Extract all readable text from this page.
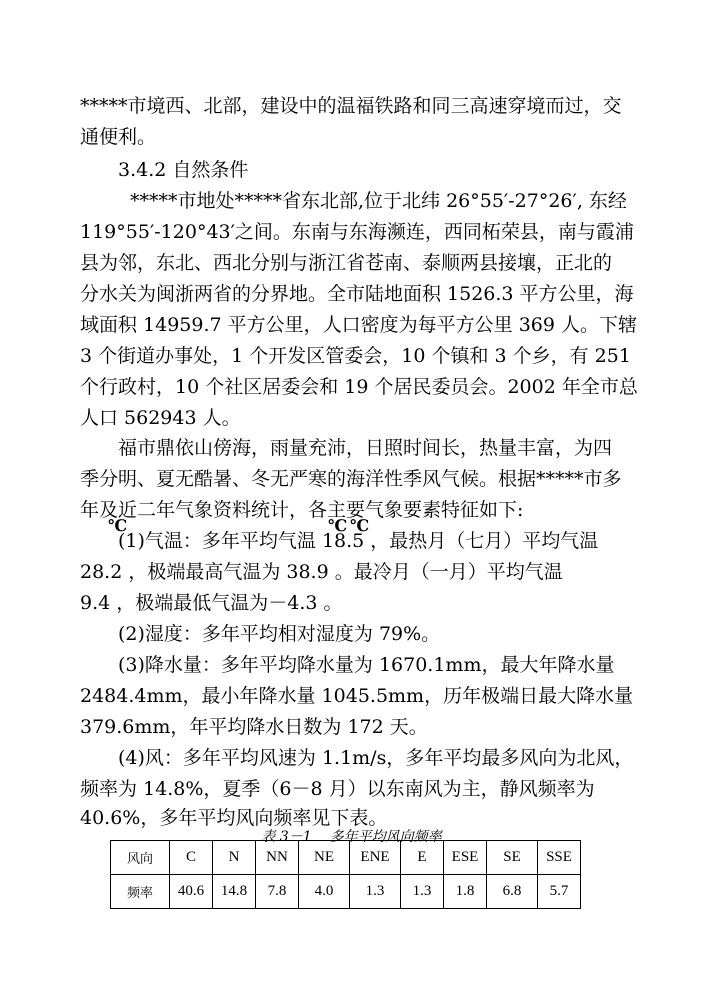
*****市境西、北部，建设中的温福铁路和同三高速穿境而过，交
通便利。
3.4.2 自然条件
*****市地处*****省东北部,位于北纬 26°55′-27°26′, 东经
119°55′-120°43′之间。东南与东海濒连，西同柘荣县，南与霞浦
县为邻，东北、西北分别与浙江省苍南、泰顺两县接壤，正北的
分水关为闽浙两省的分界地。全市陆地面积 1526.3 平方公里，海
域面积 14959.7 平方公里，人口密度为每平方公里 369 人。下辖
3 个街道办事处，1 个开发区管委会，10 个镇和 3 个乡，有 251
个行政村，10 个社区居委会和 19 个居民委员会。2002 年全市总
人口 562943 人。
福市鼎依山傍海，雨量充沛，日照时间长，热量丰富，为四
季分明、夏无酷暑、冬无严寒的海洋性季风气候。根据*****市多
年及近二年气象资料统计，各主要气象要素特征如下:
℃	℃ ℃
(1)气温：多年平均气温 18.5 ，最热月（七月）平均气温
28.2 ，极端最高气温为 38.9 。最冷月（一月）平均气温
9.4 ，极端最低气温为－4.3 。
(2)湿度：多年平均相对湿度为 79%。
(3)降水量：多年平均降水量为 1670.1mm，最大年降水量
2484.4mm，最小年降水量 1045.5mm，历年极端日最大降水量
379.6mm，年平均降水日数为 172 天。
(4)风：多年平均风速为 1.1m/s，多年平均最多风向为北风，
频率为 14.8%，夏季（6－8 月）以东南风为主，静风频率为
40.6%，多年平均风向频率见下表。
表 3－1 多年平均风向频率
风向	C	N	NN	NE	ENE	E	ESE	SE	SSE
频率	40.6	14.8	7.8	4.0	1.3	1.3	1.8	6.8	5.7
